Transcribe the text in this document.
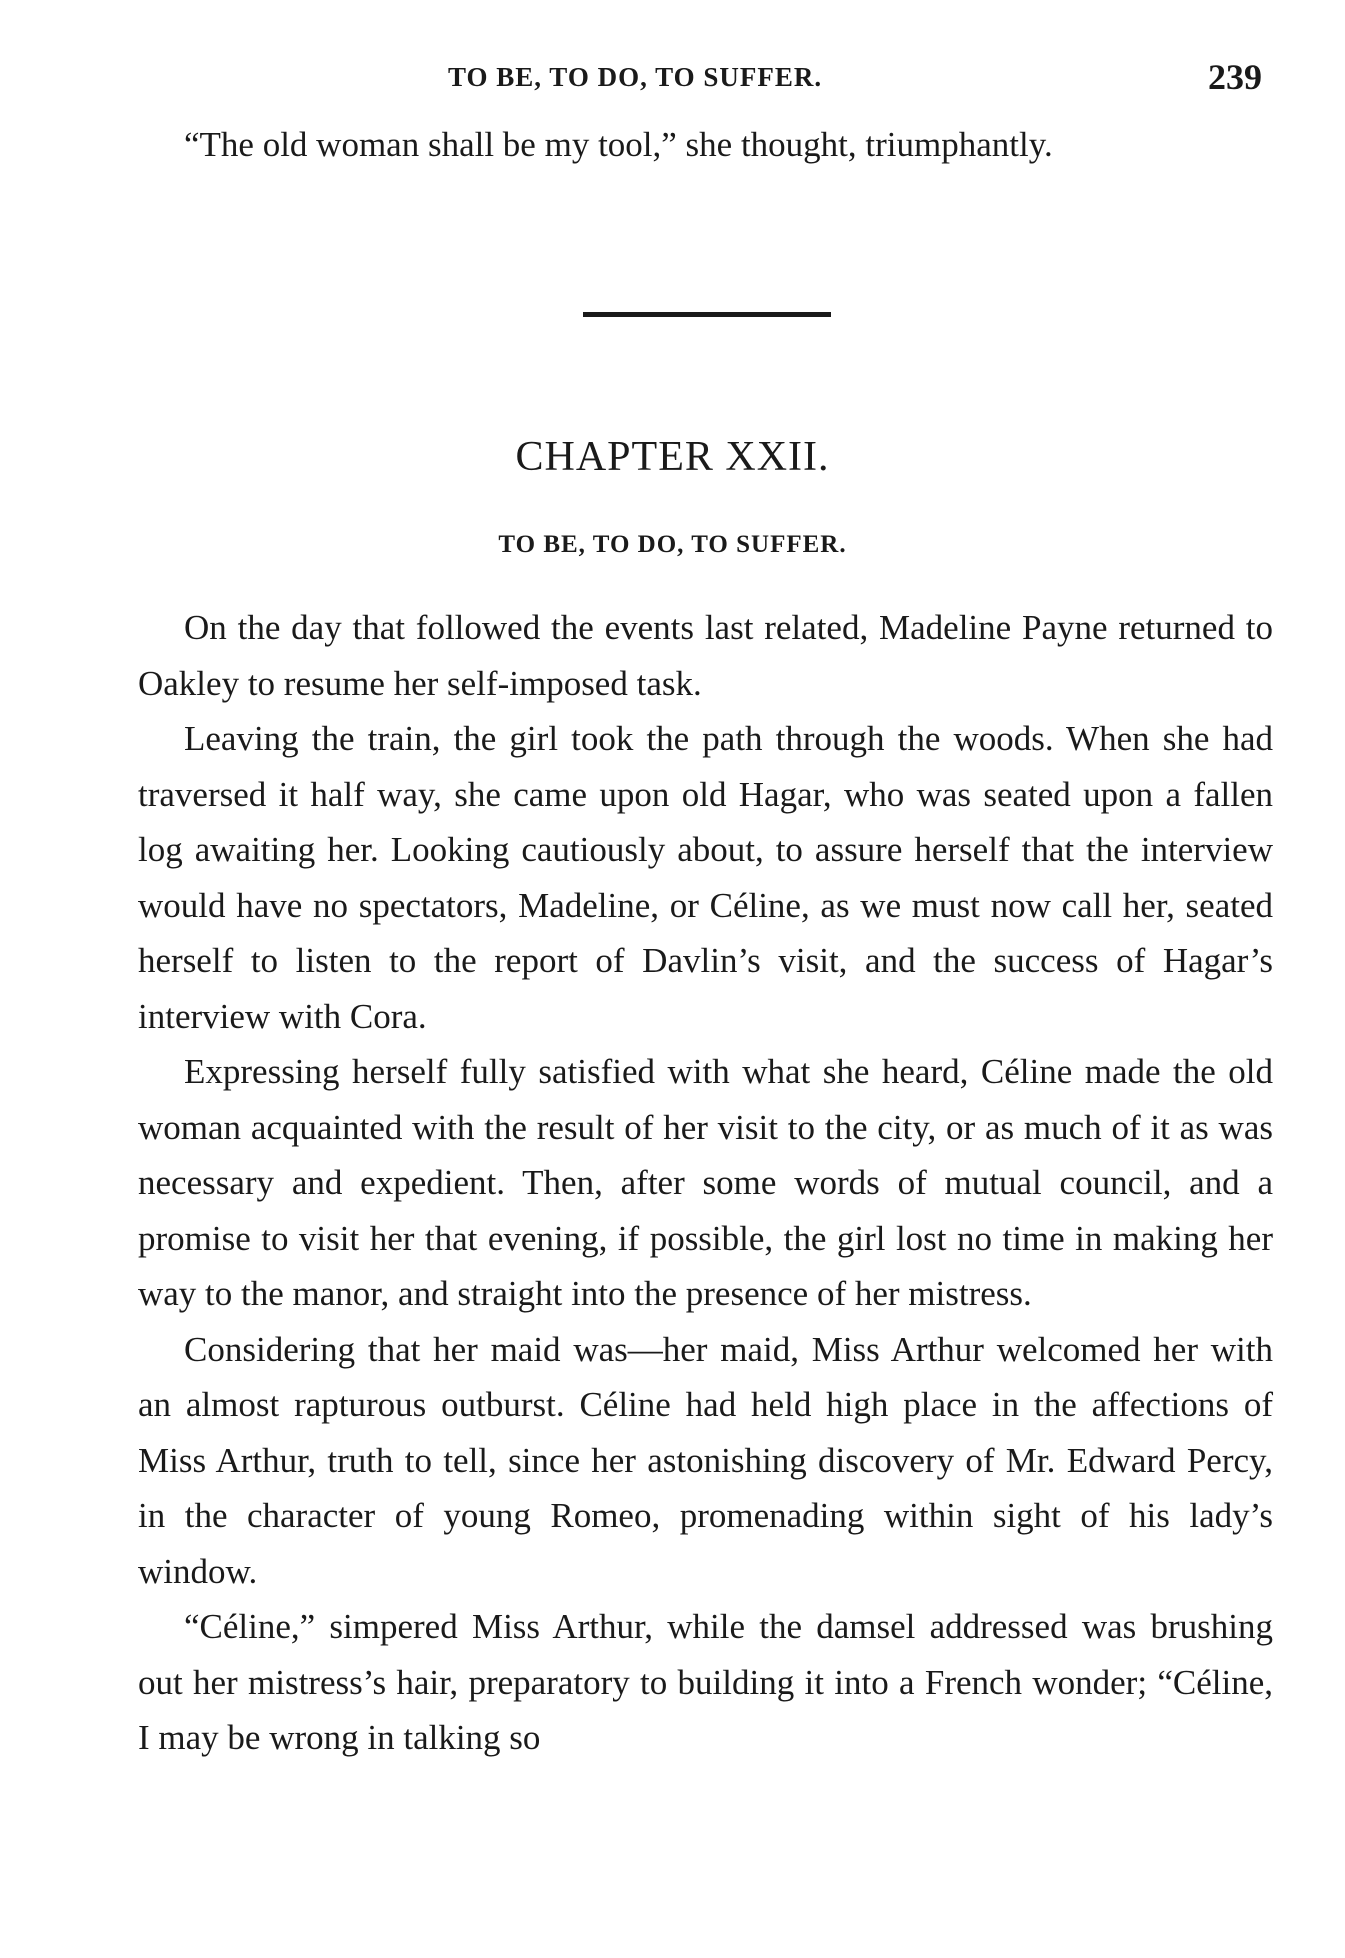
TO BE, TO DO, TO SUFFER.	239

“The old woman shall be my tool,” she thought, triumphantly.

CHAPTER XXII.
TO BE, TO DO, TO SUFFER.

On the day that followed the events last related, Madeline Payne returned to Oakley to resume her self-imposed task.

Leaving the train, the girl took the path through the woods. When she had traversed it half way, she came upon old Hagar, who was seated upon a fallen log awaiting her. Looking cautiously about, to assure herself that the interview would have no spectators, Madeline, or Céline, as we must now call her, seated herself to listen to the report of Davlin’s visit, and the success of Hagar’s interview with Cora.

Expressing herself fully satisfied with what she heard, Céline made the old woman acquainted with the result of her visit to the city, or as much of it as was necessary and expedient. Then, after some words of mutual council, and a promise to visit her that evening, if possible, the girl lost no time in making her way to the manor, and straight into the presence of her mistress.

Considering that her maid was—her maid, Miss Arthur welcomed her with an almost rapturous outburst. Céline had held high place in the affections of Miss Arthur, truth to tell, since her astonishing discovery of Mr. Edward Percy, in the character of young Romeo, promenading within sight of his lady’s window.

“Céline,” simpered Miss Arthur, while the damsel addressed was brushing out her mistress’s hair, preparatory to building it into a French wonder; “Céline, I may be wrong in talking so
